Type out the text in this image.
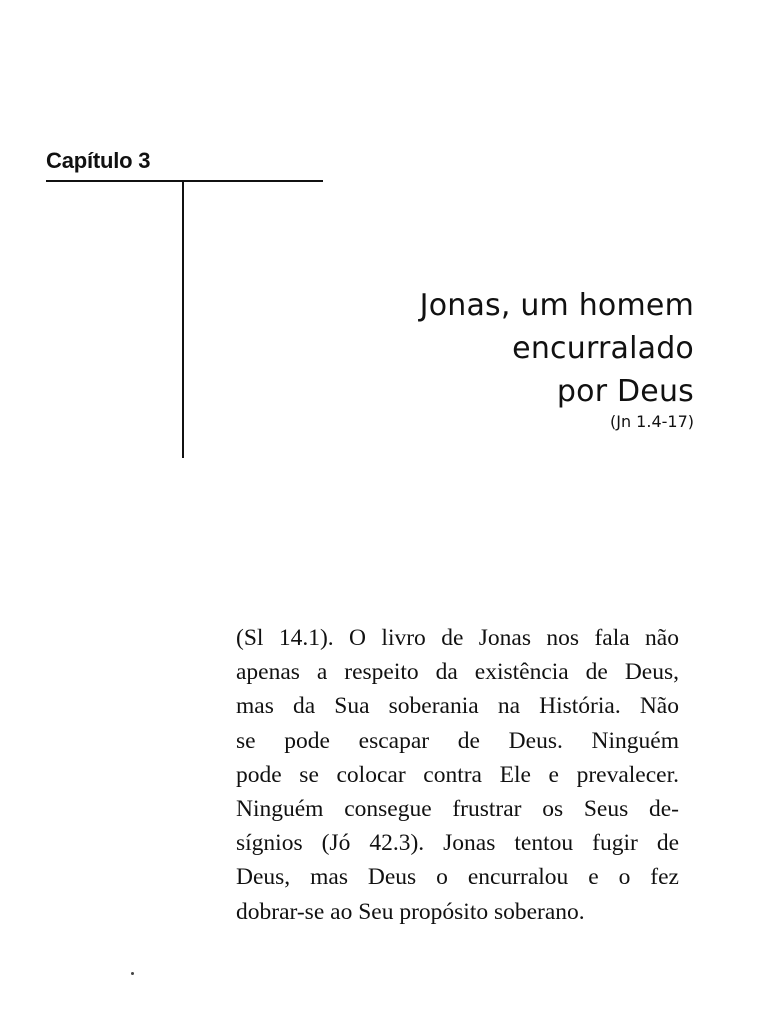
Capítulo 3
Jonas, um homem
encurralado
por Deus
(Jn 1.4-17)
(Sl 14.1). O livro de Jonas nos fala não
apenas a respeito da existência de Deus,
mas da Sua soberania na História. Não
se pode escapar de Deus. Ninguém
pode se colocar contra Ele e prevalecer.
Ninguém consegue frustrar os Seus de-
sígnios (Jó 42.3). Jonas tentou fugir de
Deus, mas Deus o encurralou e o fez
dobrar-se ao Seu propósito soberano.
